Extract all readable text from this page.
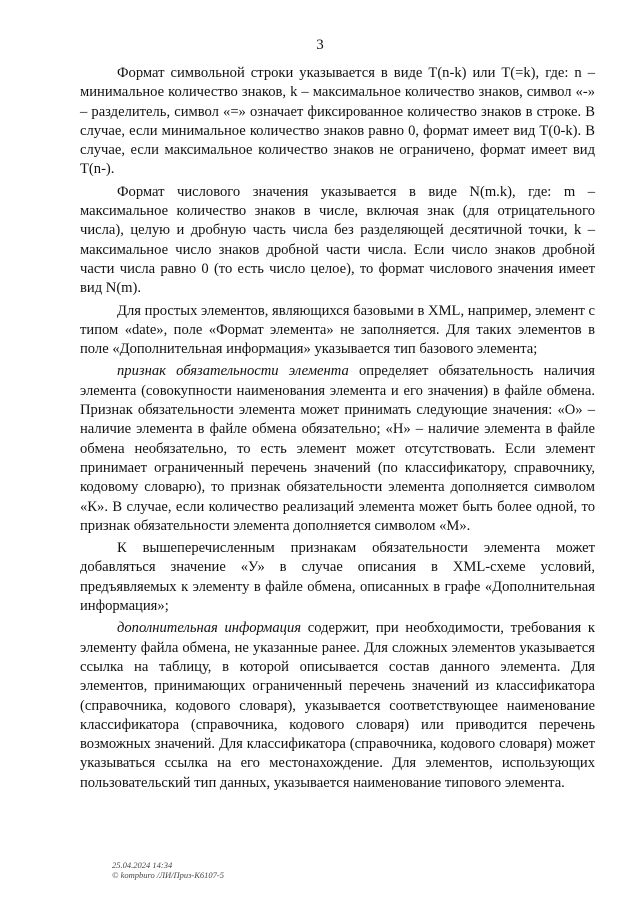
3

Формат символьной строки указывается в виде T(n-k) или T(=k), где: n – минимальное количество знаков, k – максимальное количество знаков, символ «-» – разделитель, символ «=» означает фиксированное количество знаков в строке. В случае, если минимальное количество знаков равно 0, формат имеет вид T(0-k). В случае, если максимальное количество знаков не ограничено, формат имеет вид T(n-).

Формат числового значения указывается в виде N(m.k), где: m – максимальное количество знаков в числе, включая знак (для отрицательного числа), целую и дробную часть числа без разделяющей десятичной точки, k – максимальное число знаков дробной части числа. Если число знаков дробной части числа равно 0 (то есть число целое), то формат числового значения имеет вид N(m).

Для простых элементов, являющихся базовыми в XML, например, элемент с типом «date», поле «Формат элемента» не заполняется. Для таких элементов в поле «Дополнительная информация» указывается тип базового элемента;

признак обязательности элемента определяет обязательность наличия элемента (совокупности наименования элемента и его значения) в файле обмена. Признак обязательности элемента может принимать следующие значения: «О» – наличие элемента в файле обмена обязательно; «Н» – наличие элемента в файле обмена необязательно, то есть элемент может отсутствовать. Если элемент принимает ограниченный перечень значений (по классификатору, справочнику, кодовому словарю), то признак обязательности элемента дополняется символом «К». В случае, если количество реализаций элемента может быть более одной, то признак обязательности элемента дополняется символом «М».

К вышеперечисленным признакам обязательности элемента может добавляться значение «У» в случае описания в XML-схеме условий, предъявляемых к элементу в файле обмена, описанных в графе «Дополнительная информация»;

дополнительная информация содержит, при необходимости, требования к элементу файла обмена, не указанные ранее. Для сложных элементов указывается ссылка на таблицу, в которой описывается состав данного элемента. Для элементов, принимающих ограниченный перечень значений из классификатора (справочника, кодового словаря), указывается соответствующее наименование классификатора (справочника, кодового словаря) или приводится перечень возможных значений. Для классификатора (справочника, кодового словаря) может указываться ссылка на его местонахождение. Для элементов, использующих пользовательский тип данных, указывается наименование типового элемента.

25.04.2024 14:34
© kompburo /ЛИ/Приз-К6107-5
